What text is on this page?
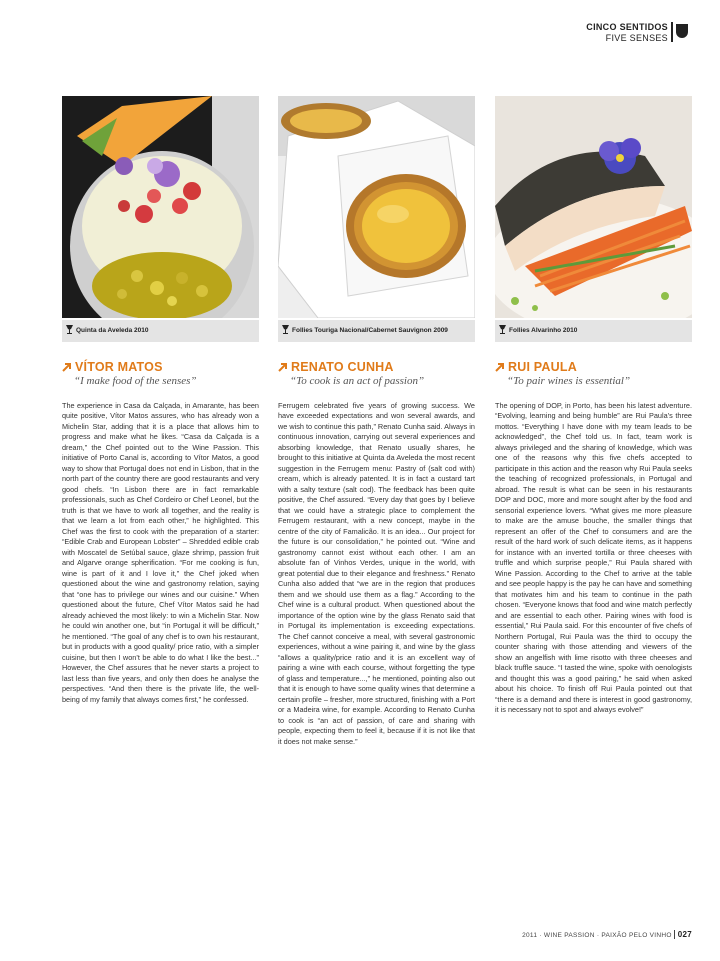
CINCO SENTIDOS
FIVE SENSES
Quinta da Aveleda 2010	Follies Touriga Nacional/Cabernet Sauvignon 2009	Follies Alvarinho 2010
VÍTOR MATOS
“I make food of the senses”

The experience in Casa da Calçada, in Amarante, has been quite positive, Vítor Matos assures, who has already won a Michelin Star, adding that it is a place that allows him to progress and make what he likes. “Casa da Calçada is a dream,” the Chef pointed out to the Wine Passion. This initiative of Porto Canal is, according to Vítor Matos, a good way to show that Portugal does not end in Lisbon, that in the north part of the country there are good restaurants and very good chefs. “In Lisbon there are in fact remarkable professionals, such as Chef Cordeiro or Chef Leonel, but the truth is that we have to work all together, and the reality is that we learn a lot from each other,” he highlighted. This Chef was the first to cook with the preparation of a starter: “Edible Crab and European Lobster” – Shredded edible crab with Moscatel de Setúbal sauce, glaze shrimp, passion fruit and Algarve orange spherification. “For me cooking is fun, wine is part of it and I love it,” the Chef joked when questioned about the wine and gastronomy relation, saying that “one has to privilege our wines and our cuisine.” When questioned about the future, Chef Vítor Matos said he had already achieved the most likely: to win a Michelin Star. Now he could win another one, but “in Portugal it will be difficult,” he mentioned. “The goal of any chef is to own his restaurant, but in products with a good quality/ price ratio, with a simpler cuisine, but then I won’t be able to do what I like the best...” However, the Chef assures that he never starts a project to last less than five years, and only then does he analyse the perspectives. “And then there is the private life, the well-being of my family that always comes first,” he confessed.

RENATO CUNHA
“To cook is an act of passion”

Ferrugem celebrated five years of growing success. We have exceeded expectations and won several awards, and we wish to continue this path,” Renato Cunha said. Always in continuous innovation, carrying out several experiences and absorbing knowledge, that Renato usually shares, he brought to this initiative at Quinta da Aveleda the most recent suggestion in the Ferrugem menu: Pastry of (salt cod with) cream, which is already patented. It is in fact a custard tart with a salty texture (salt cod). The feedback has been quite positive, the Chef assured. “Every day that goes by I believe that we could have a strategic place to complement the Ferrugem restaurant, with a new concept, maybe in the centre of the city of Famalicão. It is an idea... Our project for the future is our consolidation,” he pointed out. “Wine and gastronomy cannot exist without each other. I am an absolute fan of Vinhos Verdes, unique in the world, with great potential due to their elegance and freshness.” Renato Cunha also added that “we are in the region that produces them and we should use them as a flag.” According to the Chef wine is a cultural product. When questioned about the importance of the option wine by the glass Renato said that in Portugal its implementation is exceeding expectations. The Chef cannot conceive a meal, with several gastronomic experiences, without a wine pairing it, and wine by the glass “allows a quality/price ratio and it is an excellent way of pairing a wine with each course, without forgetting the type of glass and temperature...,” he mentioned, pointing also out that it is enough to have some quality wines that determine a certain profile – fresher, more structured, finishing with a Port or a Madeira wine, for example. According to Renato Cunha to cook is “an act of passion, of care and sharing with people, expecting them to feel it, because if it is not like that it does not make sense.”

RUI PAULA
“To pair wines is essential”

The opening of DOP, in Porto, has been his latest adventure. “Evolving, learning and being humble” are Rui Paula’s three mottos. “Everything I have done with my team leads to be acknowledged”, the Chef told us. In fact, team work is always privileged and the sharing of knowledge, which was one of the reasons why this five chefs accepted to participate in this action and the reason why Rui Paula seeks the teaching of recognized professionals, in Portugal and abroad. The result is what can be seen in his restaurants DOP and DOC, more and more sought after by the food and sensorial experience lovers. “What gives me more pleasure to make are the amuse bouche, the smaller things that represent an offer of the Chef to consumers and are the result of the hard work of such delicate items, as it happens for instance with an inverted tortilla or three cheeses with truffle and which surprise people,” Rui Paula shared with Wine Passion. According to the Chef to arrive at the table and see people happy is the pay he can have and something that motivates him and his team to continue in the path chosen. “Everyone knows that food and wine match perfectly and are essential to each other. Pairing wines with food is essential,” Rui Paula said. For this encounter of five chefs of Northern Portugal, Rui Paula was the third to occupy the counter sharing with those attending and viewers of the show an angelfish with lime risotto with three cheeses and black truffle sauce. “I tasted the wine, spoke with oenologists and thought this was a good pairing,” he said when asked about his choice. To finish off Rui Paula pointed out that “there is a demand and there is interest in good gastronomy, it is necessary not to spot and always evolve!”

2011 · WINE PASSION · PAIXÃO PELO VINHO 027
